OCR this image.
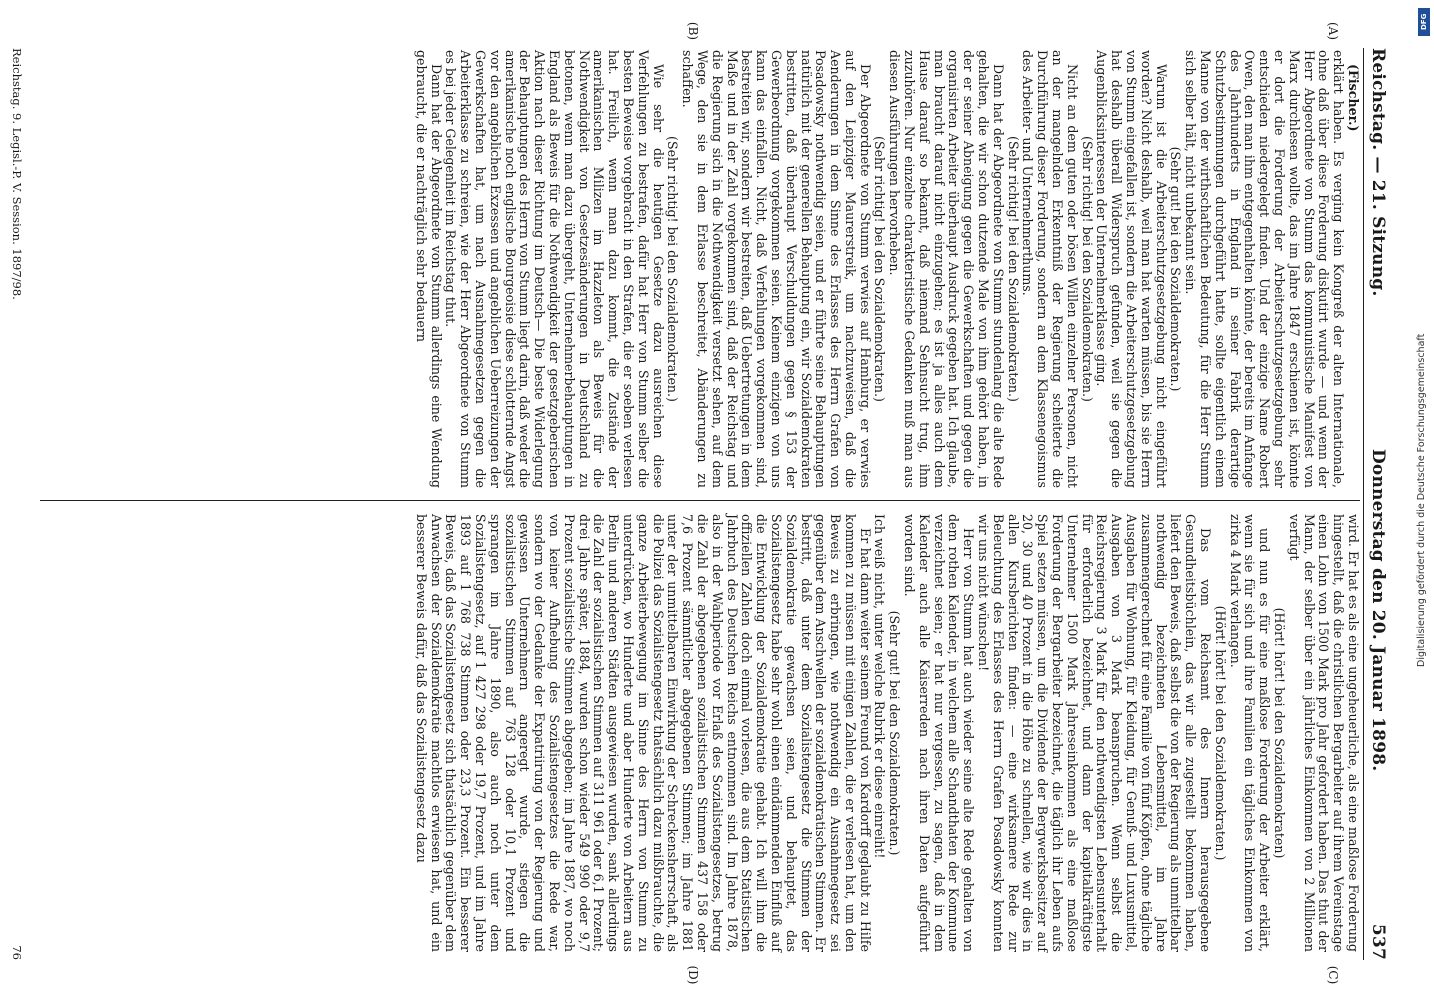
Reichstag. — 21. Sitzung.
Donnerstag den 20. Januar 1898.
537
(A)
(B)
(C)
(D)

(Fischer.)

erklärt haben. Es verging kein Kongreß der alten Internationale, ohne daß über diese Forderung diskutirt wurde — und wenn der Herr Abgeordnete von Stumm das kommunistische Manifest von Marx durchlesen wollte, das im Jahre 1847 erschienen ist, könnte er dort die Forderung der Arbeiterschutzgesetzgebung sehr entschieden niedergelegt finden. Und der einzige Name Robert Owen, den man ihm entgegenhalten könnte, der bereits im Anfange des Jahrhunderts in England in seiner Fabrik derartige Schutzbestimmungen durchgeführt hatte, sollte eigentlich einem Manne von der wirthschaftlichen Bedeutung, für die Herr Stumm sich selber hält, nicht unbekannt sein.

(Sehr gut! bei den Sozialdemokraten.)

Warum ist die Arbeiterschutzgesetzgebung nicht eingeführt worden? Nicht deshalb, weil man hat warten müssen, bis sie Herrn von Stumm eingefallen ist, sondern die Arbeiterschutzgesetzgebung hat deshalb überall Widerspruch gefunden, weil sie gegen die Augenblicksinteressen der Unternehmerklasse ging.

(Sehr richtig! bei den Sozialdemokraten.)

Nicht an dem guten oder bösen Willen einzelner Personen, nicht an der mangelnden Erkenntniß der Regierung scheiterte die Durchführung dieser Forderung, sondern an dem Klassenegoismus des Arbeiter- und Unternehmerthums.

(Sehr richtig! bei den Sozialdemokraten.)

Dann hat der Abgeordnete von Stumm stundenlang die alte Rede gehalten, die wir schon dutzende Male von ihm gehört haben, in der er seiner Abneigung gegen die Gewerkschaften und gegen die organisirten Arbeiter überhaupt Ausdruck gegeben hat. Ich glaube, man braucht darauf nicht einzugehen; es ist ja alles auch dem Hause darauf so bekannt, daß niemand Sehnsucht trug, ihm zuzuhören. Nur einzelne charakteristische Gedanken muß man aus diesen Ausführungen hervorheben.

(Sehr richtig! bei den Sozialdemokraten.)

Der Abgeordnete von Stumm verwies auf Hamburg, er verwies auf den Leipziger Maurerstreik, um nachzuweisen, daß die Aenderungen in dem Sinne des Erlasses des Herrn Grafen von Posadowsky nothwendig seien, und er führte seine Behauptungen natürlich mit der generellen Behauptung ein, wir Sozialdemokraten bestritten, daß überhaupt Verschuldungen gegen § 153 der Gewerbeordnung vorgekommen seien. Keinem einzigen von uns kann das einfallen. Nicht, daß Verfehlungen vorgekommen sind, bestreiten wir, sondern wir bestreiten, daß Uebertretungen in dem Maße und in der Zahl vorgekommen sind, daß der Reichstag und die Regierung sich in die Nothwendigkeit versetzt sehen, auf dem Wege, den sie in dem Erlasse beschreitet, Abänderungen zu schaffen.

(Sehr richtig! bei den Sozialdemokraten.)

Wie sehr die heutigen Gesetze dazu ausreichen diese Verfehlungen zu bestrafen, dafür hat Herr von Stumm selber die besten Beweise vorgebracht in den Strafen, die er soeben verlesen hat. Freilich, wenn man dazu kommt, die Zustände der amerikanischen Milizen im Hazzleton als Beweis für die Nothwendigkeit von Gesetzesänderungen in Deutschland zu betonen, wenn man dazu übergeht, Unternehmerbehauptungen in England als Beweis für die Nothwendigkeit der gesetzgeberischen Aktion nach dieser Richtung im Deutsch— Die beste Widerlegung der Behauptungen des Herrn von Stumm liegt darin, daß weder die amerikanische noch englische Bourgeoisie diese schlotternde Angst vor den angeblichen Exzessen und angeblichen Ueberreizungen der Gewerkschaften hat, um nach Ausnahmegesetzen gegen die Arbeiterklasse zu schreien, wie der Herr Abgeordnete von Stumm es bei jeder Gelegenheit im Reichstag thut.

Dann hat der Abgeordnete von Stumm allerdings eine Wendung gebraucht, die er nachträglich sehr bedauern

wird. Er hat es als eine ungeheuerliche, als eine maßlose Forderung hingestellt, daß die christlichen Bergarbeiter auf ihrem Vereinstage einen Lohn von 1500 Mark pro Jahr gefordert haben. Das thut der Mann, der selber über ein jährliches Einkommen von 2 Millionen verfügt

(Hört! hört! bei den Sozialdemokraten)

und nun es für eine maßlose Forderung der Arbeiter erklärt, wenn sie für sich und ihre Familien ein tägliches Einkommen von zirka 4 Mark verlangen.

(Hört! hört! bei den Sozialdemokraten.)

Das vom Reichsamt des Innern herausgegebene Gesundheitsbüchlein, das wir alle zugestellt bekommen haben, liefert den Beweis, daß selbst die von der Regierung als unmittelbar nothwendig bezeichneten Lebensmittel, im Jahre zusammengerechnet für eine Familie von fünf Köpfen, ohne tägliche Ausgaben für Wohnung, für Kleidung, für Genuß- und Luxusmittel, Ausgaben von 3 Mark beanspruchen. Wenn selbst die Reichsregierung 3 Mark für den nothwendigsten Lebensunterhalt für erforderlich bezeichnet, und dann der kapitalkräftigste Unternehmer 1500 Mark Jahreseinkommen als eine maßlose Forderung der Bergarbeiter bezeichnet, die täglich ihr Leben aufs Spiel setzen müssen, um die Dividende der Bergwerksbesitzer auf 20, 30 und 40 Prozent in die Höhe zu schnellen, wie wir dies in allen Kursberichten finden: — eine wirksamere Rede zur Beleuchtung des Erlasses des Herrn Grafen Posadowsky konnten wir uns nicht wünschen!

Herr von Stumm hat auch wieder seine alte Rede gehalten von dem rothen Kalender, in welchem alle Schandthaten der Kommune verzeichnet seien; er hat nur vergessen, zu sagen, daß in dem Kalender auch alle Kaiserreden nach ihren Daten aufgeführt worden sind.

(Sehr gut! bei den Sozialdemokraten.)

Ich weiß nicht, unter welche Rubrik er diese einreiht!

Er hat dann weiter seinem Freund von Kardorff geglaubt zu Hilfe kommen zu müssen mit einigen Zahlen, die er verlesen hat, um den Beweis zu erbringen, wie nothwendig ein Ausnahmegesetz sei gegenüber dem Anschwellen der sozialdemokratischen Stimmen. Er bestritt, daß unter dem Sozialistengesetz die Stimmen der Sozialdemokratie gewachsen seien, und behauptet, das Sozialistengesetz habe sehr wohl einen eindämmenden Einfluß auf die Entwicklung der Sozialdemokratie gehabt. Ich will ihm die offiziellen Zahlen doch einmal vorlesen, die aus dem Statistischen Jahrbuch des Deutschen Reichs entnommen sind. Im Jahre 1878, also in der Wahlperiode vor Erlaß des Sozialistengesetzes, betrug die Zahl der abgegebenen sozialistischen Stimmen 437 158 oder 7,6 Prozent sämmtlicher abgegebenen Stimmen; im Jahre 1881 unter der unmittelbaren Einwirkung der Schreckensherrschaft, als die Polizei das Sozialistengesetz thatsächlich dazu mißbrauchte, die ganze Arbeiterbewegung im Sinne des Herrn von Stumm zu unterdrücken, wo Hunderte und aber Hunderte von Arbeitern aus Berlin und anderen Städten ausgewiesen wurden, sank allerdings die Zahl der sozialistischen Stimmen auf 311 961 oder 6,1 Prozent; drei Jahre später, 1884, wurden schon wieder 549 990 oder 9,7 Prozent sozialistische Stimmen abgegeben; im Jahre 1887, wo noch von keiner Aufhebung des Sozialistengesetzes die Rede war, sondern wo der Gedanke der Expatriirung von der Regierung und gewissen Unternehmern angeregt wurde, stiegen die sozialistischen Stimmen auf 763 128 oder 10,1 Prozent und sprangen im Jahre 1890, also auch noch unter dem Sozialistengesetz, auf 1 427 298 oder 19,7 Prozent, und im Jahre 1893 auf 1 768 738 Stimmen oder 23,3 Prozent. Ein besserer Beweis, daß das Sozialistengesetz sich thatsächlich gegenüber dem Anwachsen der Sozialdemokratie machtlos erwiesen hat, und ein besserer Beweis dafür, daß das Sozialistengesetz dazu

Reichstag. 9. Legisl.-P. V. Session. 1897/98.
76
Digitalisierung gefördert durch die Deutsche Forschungsgemeinschaft
DFG
